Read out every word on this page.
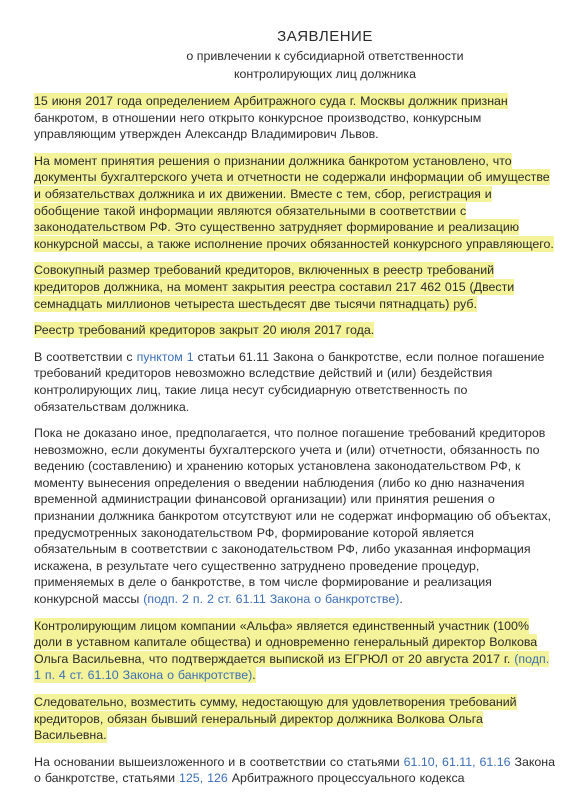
ЗАЯВЛЕНИЕ
о привлечении к субсидиарной ответственности
контролирующих лиц должника

15 июня 2017 года определением Арбитражного суда г. Москвы должник признан банкротом, в отношении него открыто конкурсное производство, конкурсным управляющим утвержден Александр Владимирович Львов.

На момент принятия решения о признании должника банкротом установлено, что документы бухгалтерского учета и отчетности не содержали информации об имуществе и обязательствах должника и их движении. Вместе с тем, сбор, регистрация и обобщение такой информации являются обязательными в соответствии с законодательством РФ. Это существенно затрудняет формирование и реализацию конкурсной массы, а также исполнение прочих обязанностей конкурсного управляющего.

Совокупный размер требований кредиторов, включенных в реестр требований кредиторов должника, на момент закрытия реестра составил 217 462 015 (Двести семнадцать миллионов четыреста шестьдесят две тысячи пятнадцать) руб.

Реестр требований кредиторов закрыт 20 июля 2017 года.

В соответствии с пунктом 1 статьи 61.11 Закона о банкротстве, если полное погашение требований кредиторов невозможно вследствие действий и (или) бездействия контролирующих лиц, такие лица несут субсидиарную ответственность по обязательствам должника.

Пока не доказано иное, предполагается, что полное погашение требований кредиторов невозможно, если документы бухгалтерского учета и (или) отчетности, обязанность по ведению (составлению) и хранению которых установлена законодательством РФ, к моменту вынесения определения о введении наблюдения (либо ко дню назначения временной администрации финансовой организации) или принятия решения о признании должника банкротом отсутствуют или не содержат информацию об объектах, предусмотренных законодательством РФ, формирование которой является обязательным в соответствии с законодательством РФ, либо указанная информация искажена, в результате чего существенно затруднено проведение процедур, применяемых в деле о банкротстве, в том числе формирование и реализация конкурсной массы (подп. 2 п. 2 ст. 61.11 Закона о банкротстве).

Контролирующим лицом компании «Альфа» является единственный участник (100% доли в уставном капитале общества) и одновременно генеральный директор Волкова Ольга Васильевна, что подтверждается выпиской из ЕГРЮЛ от 20 августа 2017 г. (подп. 1 п. 4 ст. 61.10 Закона о банкротстве).

Следовательно, возместить сумму, недостающую для удовлетворения требований кредиторов, обязан бывший генеральный директор должника Волкова Ольга Васильевна.

На основании вышеизложенного и в соответствии со статьями 61.10, 61.11, 61.16 Закона о банкротстве, статьями 125, 126 Арбитражного процессуального кодекса
